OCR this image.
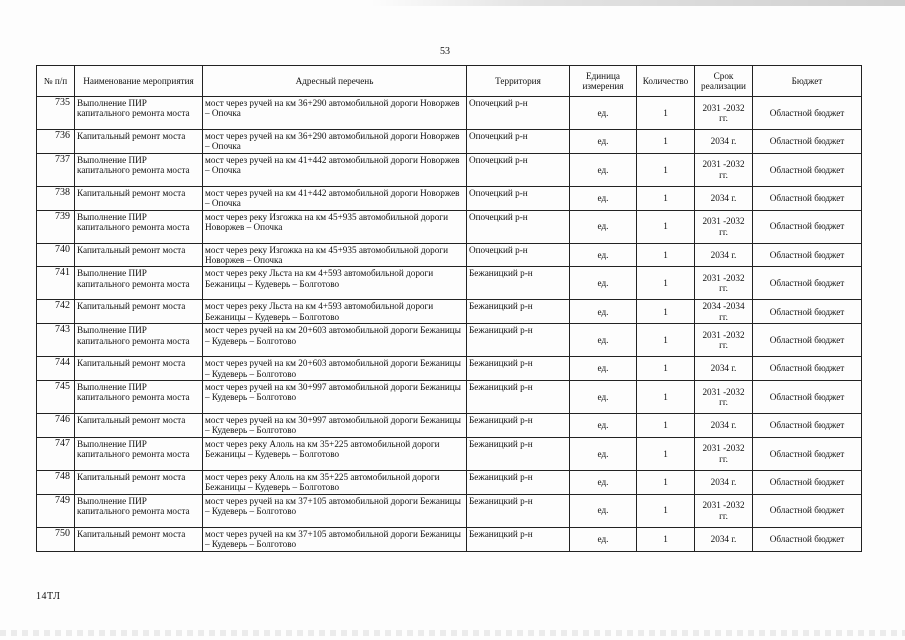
53
№ п/п	Наименование мероприятия	Адресный перечень	Территория	Единица измерения	Количество	Срок реализации	Бюджет
735	Выполнение ПИР капитального ремонта моста	мост через ручей на км 36+290 автомобильной дороги Новоржев – Опочка	Опочецкий р-н	ед.	1	2031 -2032 гг.	Областной бюджет
736	Капитальный ремонт моста	мост через ручей на км 36+290 автомобильной дороги Новоржев – Опочка	Опочецкий р-н	ед.	1	2034 г.	Областной бюджет
737	Выполнение ПИР капитального ремонта моста	мост через ручей на км 41+442 автомобильной дороги Новоржев – Опочка	Опочецкий р-н	ед.	1	2031 -2032 гг.	Областной бюджет
738	Капитальный ремонт моста	мост через ручей на км 41+442 автомобильной дороги Новоржев – Опочка	Опочецкий р-н	ед.	1	2034 г.	Областной бюджет
739	Выполнение ПИР капитального ремонта моста	мост через реку Изгожка на км 45+935 автомобильной дороги Новоржев – Опочка	Опочецкий р-н	ед.	1	2031 -2032 гг.	Областной бюджет
740	Капитальный ремонт моста	мост через реку Изгожка на км 45+935 автомобильной дороги Новоржев – Опочка	Опочецкий р-н	ед.	1	2034 г.	Областной бюджет
741	Выполнение ПИР капитального ремонта моста	мост через реку Льста на км 4+593 автомобильной дороги Бежаницы – Кудеверь – Болготово	Бежаницкий р-н	ед.	1	2031 -2032 гг.	Областной бюджет
742	Капитальный ремонт моста	мост через реку Льста на км 4+593 автомобильной дороги Бежаницы – Кудеверь – Болготово	Бежаницкий р-н	ед.	1	2034 -2034 гг.	Областной бюджет
743	Выполнение ПИР капитального ремонта моста	мост через ручей на км 20+603 автомобильной дороги Бежаницы – Кудеверь – Болготово	Бежаницкий р-н	ед.	1	2031 -2032 гг.	Областной бюджет
744	Капитальный ремонт моста	мост через ручей на км 20+603 автомобильной дороги Бежаницы – Кудеверь – Болготово	Бежаницкий р-н	ед.	1	2034 г.	Областной бюджет
745	Выполнение ПИР капитального ремонта моста	мост через ручей на км 30+997 автомобильной дороги Бежаницы – Кудеверь – Болготово	Бежаницкий р-н	ед.	1	2031 -2032 гг.	Областной бюджет
746	Капитальный ремонт моста	мост через ручей на км 30+997 автомобильной дороги Бежаницы – Кудеверь – Болготово	Бежаницкий р-н	ед.	1	2034 г.	Областной бюджет
747	Выполнение ПИР капитального ремонта моста	мост через реку Алоль на км 35+225 автомобильной дороги Бежаницы – Кудеверь – Болготово	Бежаницкий р-н	ед.	1	2031 -2032 гг.	Областной бюджет
748	Капитальный ремонт моста	мост через реку Алоль на км 35+225 автомобильной дороги Бежаницы – Кудеверь – Болготово	Бежаницкий р-н	ед.	1	2034 г.	Областной бюджет
749	Выполнение ПИР капитального ремонта моста	мост через ручей на км 37+105 автомобильной дороги Бежаницы – Кудеверь – Болготово	Бежаницкий р-н	ед.	1	2031 -2032 гг.	Областной бюджет
750	Капитальный ремонт моста	мост через ручей на км 37+105 автомобильной дороги Бежаницы – Кудеверь – Болготово	Бежаницкий р-н	ед.	1	2034 г.	Областной бюджет
14ТЛ
